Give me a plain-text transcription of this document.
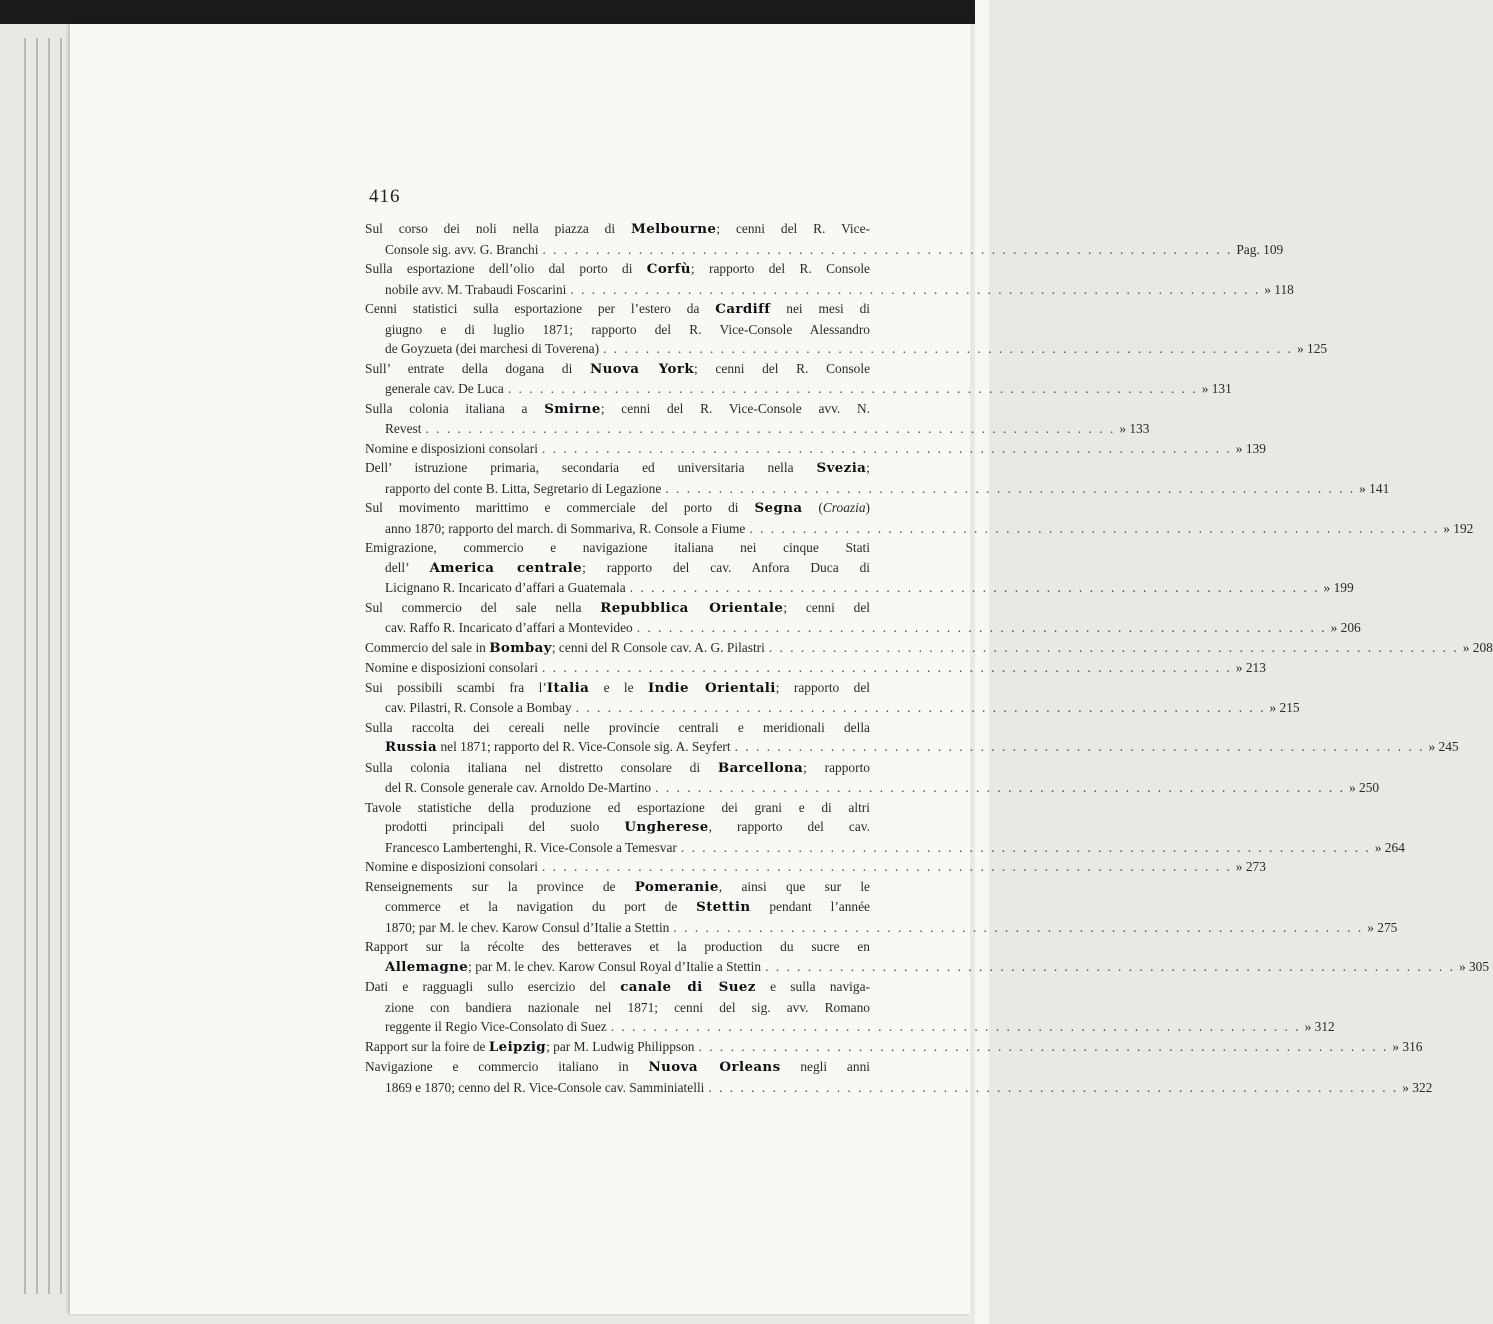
416
Sul corso dei noli nella piazza di Melbourne; cenni del R. Vice-
Console sig. avv. G. Branchi . . . . . . . . . . . . . . . . . . . . . . . . . . . . . . . . . . . . . . . . . . . . . . . . . . . . . . . . . . . . . . . . . Pag. 109
Sulla esportazione dell’olio dal porto di Corfù; rapporto del R. Console
nobile avv. M. Trabaudi Foscarini . . . . . . . . . . . . . . . . . . . . . . . . . . . . . . . . . . . . . . . . . . . . . . . . . . . . . . . . . . . . . . . . . » 118
Cenni statistici sulla esportazione per l’estero da Cardiff nei mesi di
giugno e di luglio 1871; rapporto del R. Vice-Console Alessandro
de Goyzueta (dei marchesi di Toverena) . . . . . . . . . . . . . . . . . . . . . . . . . . . . . . . . . . . . . . . . . . . . . . . . . . . . . . . . . . . . . . . . . » 125
Sull’ entrate della dogana di Nuova York; cenni del R. Console
generale cav. De Luca . . . . . . . . . . . . . . . . . . . . . . . . . . . . . . . . . . . . . . . . . . . . . . . . . . . . . . . . . . . . . . . . . » 131
Sulla colonia italiana a Smirne; cenni del R. Vice-Console avv. N.
Revest . . . . . . . . . . . . . . . . . . . . . . . . . . . . . . . . . . . . . . . . . . . . . . . . . . . . . . . . . . . . . . . . . » 133
Nomine e disposizioni consolari . . . . . . . . . . . . . . . . . . . . . . . . . . . . . . . . . . . . . . . . . . . . . . . . . . . . . . . . . . . . . . . . . » 139
Dell’ istruzione primaria, secondaria ed universitaria nella Svezia;
rapporto del conte B. Litta, Segretario di Legazione . . . . . . . . . . . . . . . . . . . . . . . . . . . . . . . . . . . . . . . . . . . . . . . . . . . . . . . . . . . . . . . . . » 141
Sul movimento marittimo e commerciale del porto di Segna (Croazia)
anno 1870; rapporto del march. di Sommariva, R. Console a Fiume . . . . . . . . . . . . . . . . . . . . . . . . . . . . . . . . . . . . . . . . . . . . . . . . . . . . . . . . . . . . . . . . . » 192
Emigrazione, commercio e navigazione italiana nei cinque Stati
dell’ America centrale; rapporto del cav. Anfora Duca di
Licignano R. Incaricato d’affari a Guatemala . . . . . . . . . . . . . . . . . . . . . . . . . . . . . . . . . . . . . . . . . . . . . . . . . . . . . . . . . . . . . . . . . » 199
Sul commercio del sale nella Repubblica Orientale; cenni del
cav. Raffo R. Incaricato d’affari a Montevideo . . . . . . . . . . . . . . . . . . . . . . . . . . . . . . . . . . . . . . . . . . . . . . . . . . . . . . . . . . . . . . . . . » 206
Commercio del sale in Bombay; cenni del R Console cav. A. G. Pilastri . . . . . . . . . . . . . . . . . . . . . . . . . . . . . . . . . . . . . . . . . . . . . . . . . . . . . . . . . . . . . . . . . » 208
Nomine e disposizioni consolari . . . . . . . . . . . . . . . . . . . . . . . . . . . . . . . . . . . . . . . . . . . . . . . . . . . . . . . . . . . . . . . . . » 213
Sui possibili scambi fra l’Italia e le Indie Orientali; rapporto del
cav. Pilastri, R. Console a Bombay . . . . . . . . . . . . . . . . . . . . . . . . . . . . . . . . . . . . . . . . . . . . . . . . . . . . . . . . . . . . . . . . . » 215
Sulla raccolta dei cereali nelle provincie centrali e meridionali della
Russia nel 1871; rapporto del R. Vice-Console sig. A. Seyfert . . . . . . . . . . . . . . . . . . . . . . . . . . . . . . . . . . . . . . . . . . . . . . . . . . . . . . . . . . . . . . . . . » 245
Sulla colonia italiana nel distretto consolare di Barcellona; rapporto
del R. Console generale cav. Arnoldo De-Martino . . . . . . . . . . . . . . . . . . . . . . . . . . . . . . . . . . . . . . . . . . . . . . . . . . . . . . . . . . . . . . . . . » 250
Tavole statistiche della produzione ed esportazione dei grani e di altri
prodotti principali del suolo Ungherese, rapporto del cav.
Francesco Lambertenghi, R. Vice-Console a Temesvar . . . . . . . . . . . . . . . . . . . . . . . . . . . . . . . . . . . . . . . . . . . . . . . . . . . . . . . . . . . . . . . . . » 264
Nomine e disposizioni consolari . . . . . . . . . . . . . . . . . . . . . . . . . . . . . . . . . . . . . . . . . . . . . . . . . . . . . . . . . . . . . . . . . » 273
Renseignements sur la province de Pomeranie, ainsi que sur le
commerce et la navigation du port de Stettin pendant l’année
1870; par M. le chev. Karow Consul d’Italie a Stettin . . . . . . . . . . . . . . . . . . . . . . . . . . . . . . . . . . . . . . . . . . . . . . . . . . . . . . . . . . . . . . . . . » 275
Rapport sur la récolte des betteraves et la production du sucre en
Allemagne; par M. le chev. Karow Consul Royal d’Italie a Stettin . . . . . . . . . . . . . . . . . . . . . . . . . . . . . . . . . . . . . . . . . . . . . . . . . . . . . . . . . . . . . . . . . » 305
Dati e ragguagli sullo esercizio del canale di Suez e sulla naviga-
zione con bandiera nazionale nel 1871; cenni del sig. avv. Romano
reggente il Regio Vice-Consolato di Suez . . . . . . . . . . . . . . . . . . . . . . . . . . . . . . . . . . . . . . . . . . . . . . . . . . . . . . . . . . . . . . . . . » 312
Rapport sur la foire de Leipzig; par M. Ludwig Philippson . . . . . . . . . . . . . . . . . . . . . . . . . . . . . . . . . . . . . . . . . . . . . . . . . . . . . . . . . . . . . . . . . » 316
Navigazione e commercio italiano in Nuova Orleans negli anni
1869 e 1870; cenno del R. Vice-Console cav. Samminiatelli . . . . . . . . . . . . . . . . . . . . . . . . . . . . . . . . . . . . . . . . . . . . . . . . . . . . . . . . . . . . . . . . . » 322
